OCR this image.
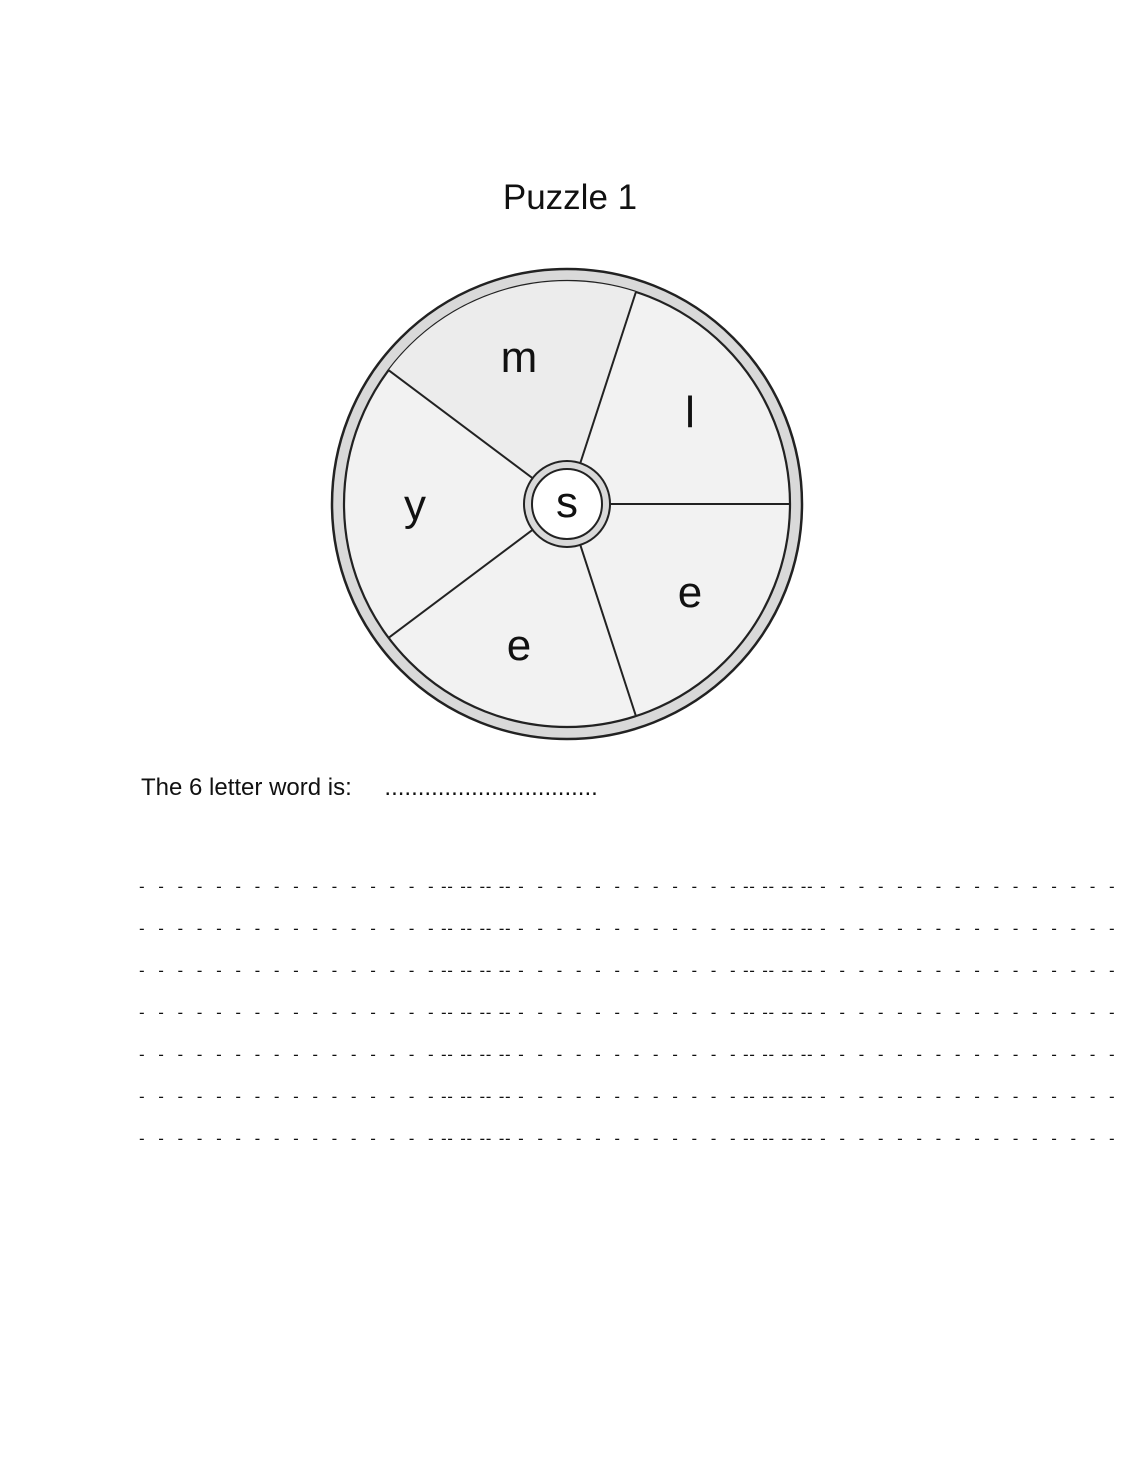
Puzzle 1
s
m
l
e
e
y
The 6 letter word is: ................................
- - - - - - - - - - - - - - - - - - - -
- - - - - - - - - - - - - - - - - - - -
- - - - - - - - - - - - - - - - - - - -
- - - - - - - - - - - - - - - - - - - -
- - - - - - - - - - - - - - - - - - - -
- - - - - - - - - - - - - - - - - - - -
- - - - - - - - - - - - - - - - - - - -
- - - - - - - - - - - - - - - - - - - -
- - - - - - - - - - - - - - - - - - - -
- - - - - - - - - - - - - - - - - - - -
- - - - - - - - - - - - - - - - - - - -
- - - - - - - - - - - - - - - - - - - -
- - - - - - - - - - - - - - - - - - - -
- - - - - - - - - - - - - - - - - - - -
- - - - - - - - - - - - - - - - - - - -
- - - - - - - - - - - - - - - - - - - -
- - - - - - - - - - - - - - - - - - - -
- - - - - - - - - - - - - - - - - - - -
- - - - - - - - - - - - - - - - - - - -
- - - - - - - - - - - - - - - - - - - -
- - - - - - - - - - - - - - - - - - - -
